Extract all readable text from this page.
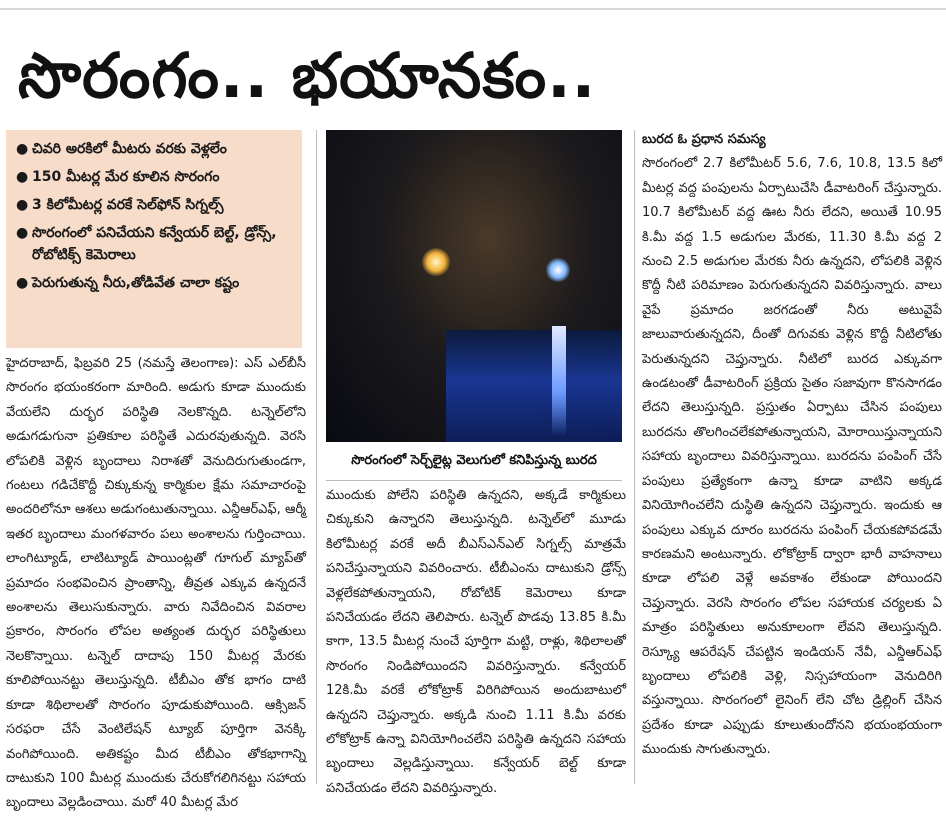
సొరంగం.. భయానకం..
● చివరి అరకిలో మీటరు వరకు వెళ్లలేం
● 150 మీటర్ల మేర కూలిన సొరంగం
● 3 కిలోమీటర్ల వరకే సెల్‌ఫోన్ సిగ్నల్స్
● సొరంగంలో పనిచేయని కన్వేయర్ బెల్ట్, డ్రోన్స్, రోబోటిక్స్ కెమెరాలు
● పెరుగుతున్న నీరు,తోడివేత చాలా కష్టం

హైదరాబాద్, ఫిబ్రవరి 25 (నమస్తే తెలంగాణ): ఎస్ ఎల్‌బీసీ సొరంగం భయంకరంగా మారింది. అడుగు కూడా ముందుకు వేయలేని దుర్భర పరిస్థితి నెలకొన్నది. టన్నెల్‌లోని అడుగడుగునా ప్రతికూల పరిస్థితే ఎదురవుతున్నది. వెరసి లోపలికి వెళ్లిన బృందాలు నిరాశతో వెనుదిరుగుతుండగా, గంటలు గడిచేకొద్దీ చిక్కుకున్న కార్మికుల క్షేమ సమాచారంపై అందరిలోనూ ఆశలు అడుగంటుతున్నాయి. ఎన్డీఆర్‌ఎఫ్, ఆర్మీ ఇతర బృందాలు మంగళవారం పలు అంశాలను గుర్తించాయి. లాంగిట్యూడ్, లాటిట్యూడ్ పాయింట్లతో గూగుల్ మ్యాప్‌తో ప్రమాదం సంభవించిన ప్రాంతాన్ని, తీవ్రత ఎక్కువ ఉన్నదనే అంశాలను తెలుసుకున్నారు. వారు నివేదించిన వివరాల ప్రకారం, సొరంగం లోపల అత్యంత దుర్భర పరిస్థితులు నెలకొన్నాయి. టన్నెల్ దాదాపు 150 మీటర్ల మేరకు కూలిపోయినట్టు తెలుస్తున్నది. టీబీఎం తోక భాగం దాటి కూడా శిథిలాలతో సొరంగం పూడుకుపోయింది. ఆక్సిజన్ సరఫరా చేసే వెంటిలేషన్ ట్యూబ్ పూర్తిగా వెనక్కి వంగిపోయింది. అతికష్టం మీద టీబీఎం తోకభాగాన్ని దాటుకుని 100 మీటర్ల ముందుకు చేరుకోగలిగినట్టు సహాయ బృందాలు వెల్లడించాయి. మరో 40 మీటర్ల మేర

సొరంగంలో సెర్చ్‌లైట్ల వెలుగులో కనిపిస్తున్న బురద

ముందుకు పోలేని పరిస్థితి ఉన్నదని, అక్కడే కార్మికులు చిక్కుకుని ఉన్నారని తెలుస్తున్నది. టన్నెల్‌లో మూడు కిలోమీటర్ల వరకే అదీ బీఎస్‌ఎన్‌ఎల్ సిగ్నల్స్ మాత్రమే పనిచేస్తున్నాయని వివరించారు. టీబీఎంను దాటుకుని డ్రోన్స్ వెళ్లలేకపోతున్నాయని, రోబోటిక్ కెమెరాలు కూడా పనిచేయడం లేదని తెలిపారు. టన్నెల్ పొడవు 13.85 కి.మీ కాగా, 13.5 మీటర్ల నుంచే పూర్తిగా మట్టి, రాళ్లు, శిథిలాలతో సొరంగం నిండిపోయిందని వివరిస్తున్నారు. కన్వేయర్ 12కి.మీ వరకే లోకోట్రాక్ విరిగిపోయిన అందుబాటులో ఉన్నదని చెప్తున్నారు. అక్కడి నుంచి 1.11 కి.మీ వరకు లోకోట్రాక్ ఉన్నా వినియోగించలేని పరిస్థితి ఉన్నదని సహాయ బృందాలు వెల్లడిస్తున్నాయి. కన్వేయర్ బెల్ట్ కూడా పనిచేయడం లేదని వివరిస్తున్నారు.

బురద ఓ ప్రధాన సమస్య

సొరంగంలో 2.7 కిలోమీటర్ 5.6, 7.6, 10.8, 13.5 కిలో మీటర్ల వద్ద పంపులను ఏర్పాటుచేసి డీవాటరింగ్ చేస్తున్నారు. 10.7 కిలోమీటర్ వద్ద ఊట నీరు లేదని, అయితే 10.95 కి.మీ వద్ద 1.5 అడుగుల మేరకు, 11.30 కి.మీ వద్ద 2 నుంచి 2.5 అడుగుల మేరకు నీరు ఉన్నదని, లోపలికి వెళ్లిన కొద్దీ నీటి పరిమాణం పెరుగుతున్నదని వివరిస్తున్నారు. వాలు వైపే ప్రమాదం జరగడంతో నీరు అటువైపే జాలువారుతున్నదని, దీంతో దిగువకు వెళ్లిన కొద్దీ నీటిలోతు పెరుతున్నదని చెప్తున్నారు. నీటిలో బురద ఎక్కువగా ఉండటంతో డీవాటరింగ్ ప్రక్రియ సైతం సజావుగా కొనసాగడం లేదని తెలుస్తున్నది. ప్రస్తుతం ఏర్పాటు చేసిన పంపులు బురదను తొలగించలేకపోతున్నాయని, మోరాయిస్తున్నాయని సహాయ బృందాలు వివరిస్తున్నాయి. బురదను పంపింగ్ చేసే పంపులు ప్రత్యేకంగా ఉన్నా కూడా వాటిని అక్కడ వినియోగించలేని దుస్థితి ఉన్నదని చెప్తున్నారు. ఇందుకు ఆ పంపులు ఎక్కువ దూరం బురదను పంపింగ్ చేయకపోవడమే కారణమని అంటున్నారు. లోకోట్రాక్ ద్వారా భారీ వాహనాలు కూడా లోపలి వెళ్లే అవకాశం లేకుండా పోయిందని చెప్తున్నారు. వెరసి సొరంగం లోపల సహాయక చర్యలకు ఏ మాత్రం పరిస్థితులు అనుకూలంగా లేవని తెలుస్తున్నది. రెస్క్యూ ఆపరేషన్ చేపట్టిన ఇండియన్ నేవీ, ఎన్డీఆర్‌ఎఫ్ బృందాలు లోపలికి వెళ్లి, నిస్సహాయంగా వెనుదిరిగి వస్తున్నాయి. సొరంగంలో లైనింగ్ లేని చోట డ్రిల్లింగ్ చేసిన ప్రదేశం కూడా ఎప్పుడు కూలుతుందోనని భయంభయంగా ముందుకు సాగుతున్నారు.
